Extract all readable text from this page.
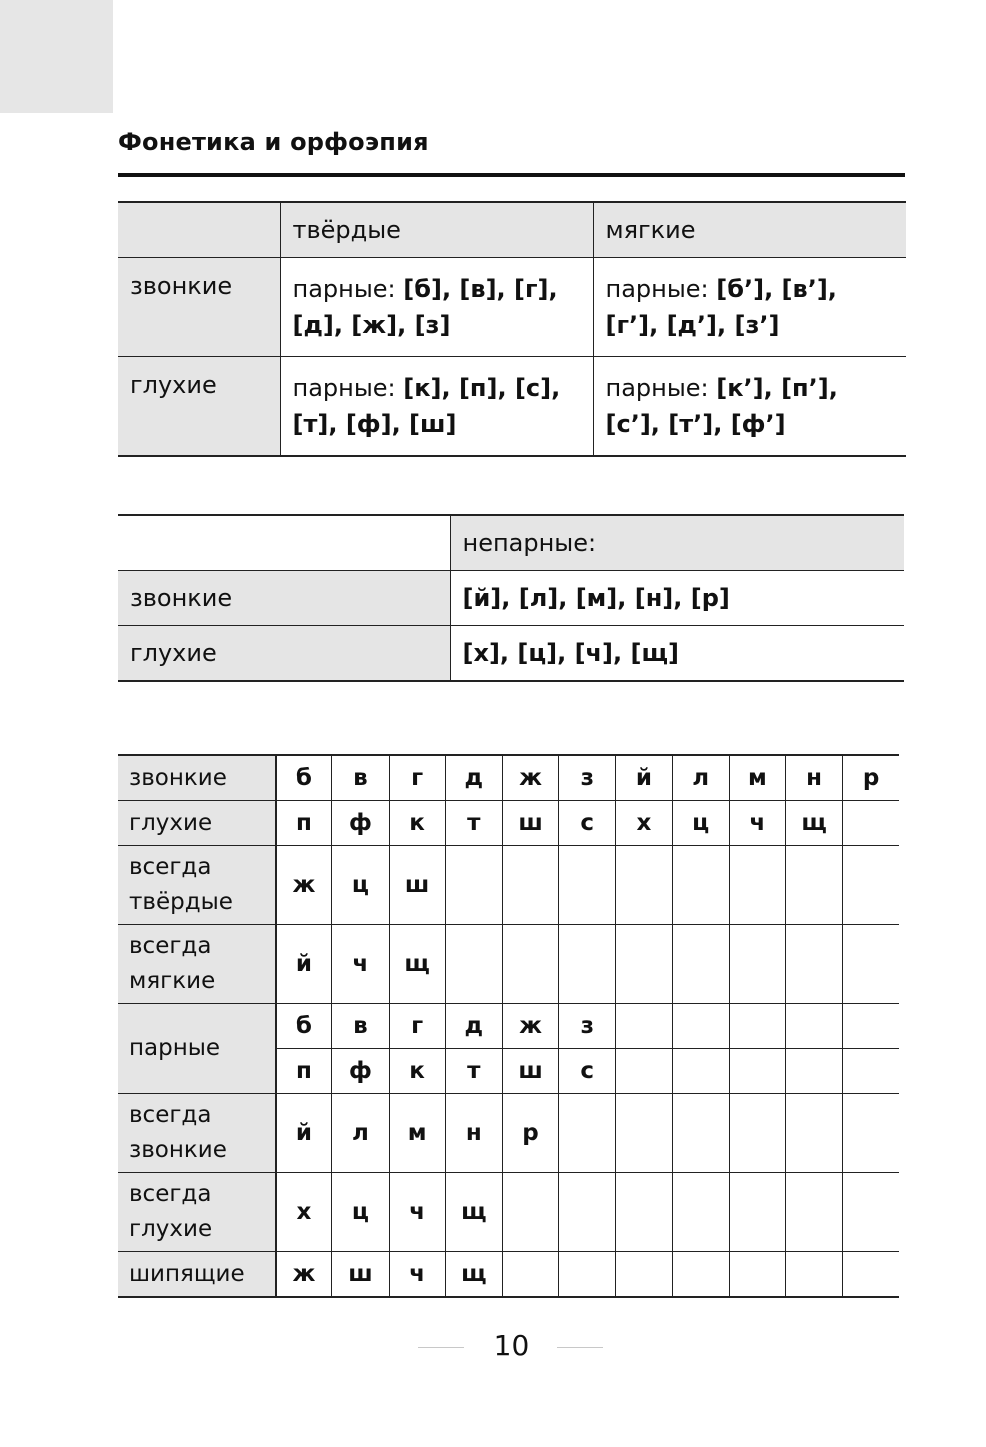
Фонетика и орфоэпия
	твёрдые	мягкие
звонкие	парные: [б], [в], [г], [д], [ж], [з]	парные: [б’], [в’], [г’], [д’], [з’]
глухие	парные: [к], [п], [с], [т], [ф], [ш]	парные: [к’], [п’], [с’], [т’], [ф’]
	непарные:
звонкие	[й], [л], [м], [н], [р]
глухие	[х], [ц], [ч], [щ]
звонкие	б	в	г	д	ж	з	й	л	м	н	р
глухие	п	ф	к	т	ш	с	х	ц	ч	щ	
всегда твёрдые	ж	ц	ш								
всегда мягкие	й	ч	щ								
парные	б	в	г	д	ж	з					
	п	ф	к	т	ш	с					
всегда звонкие	й	л	м	н	р						
всегда глухие	х	ц	ч	щ							
шипящие	ж	ш	ч	щ							
10
